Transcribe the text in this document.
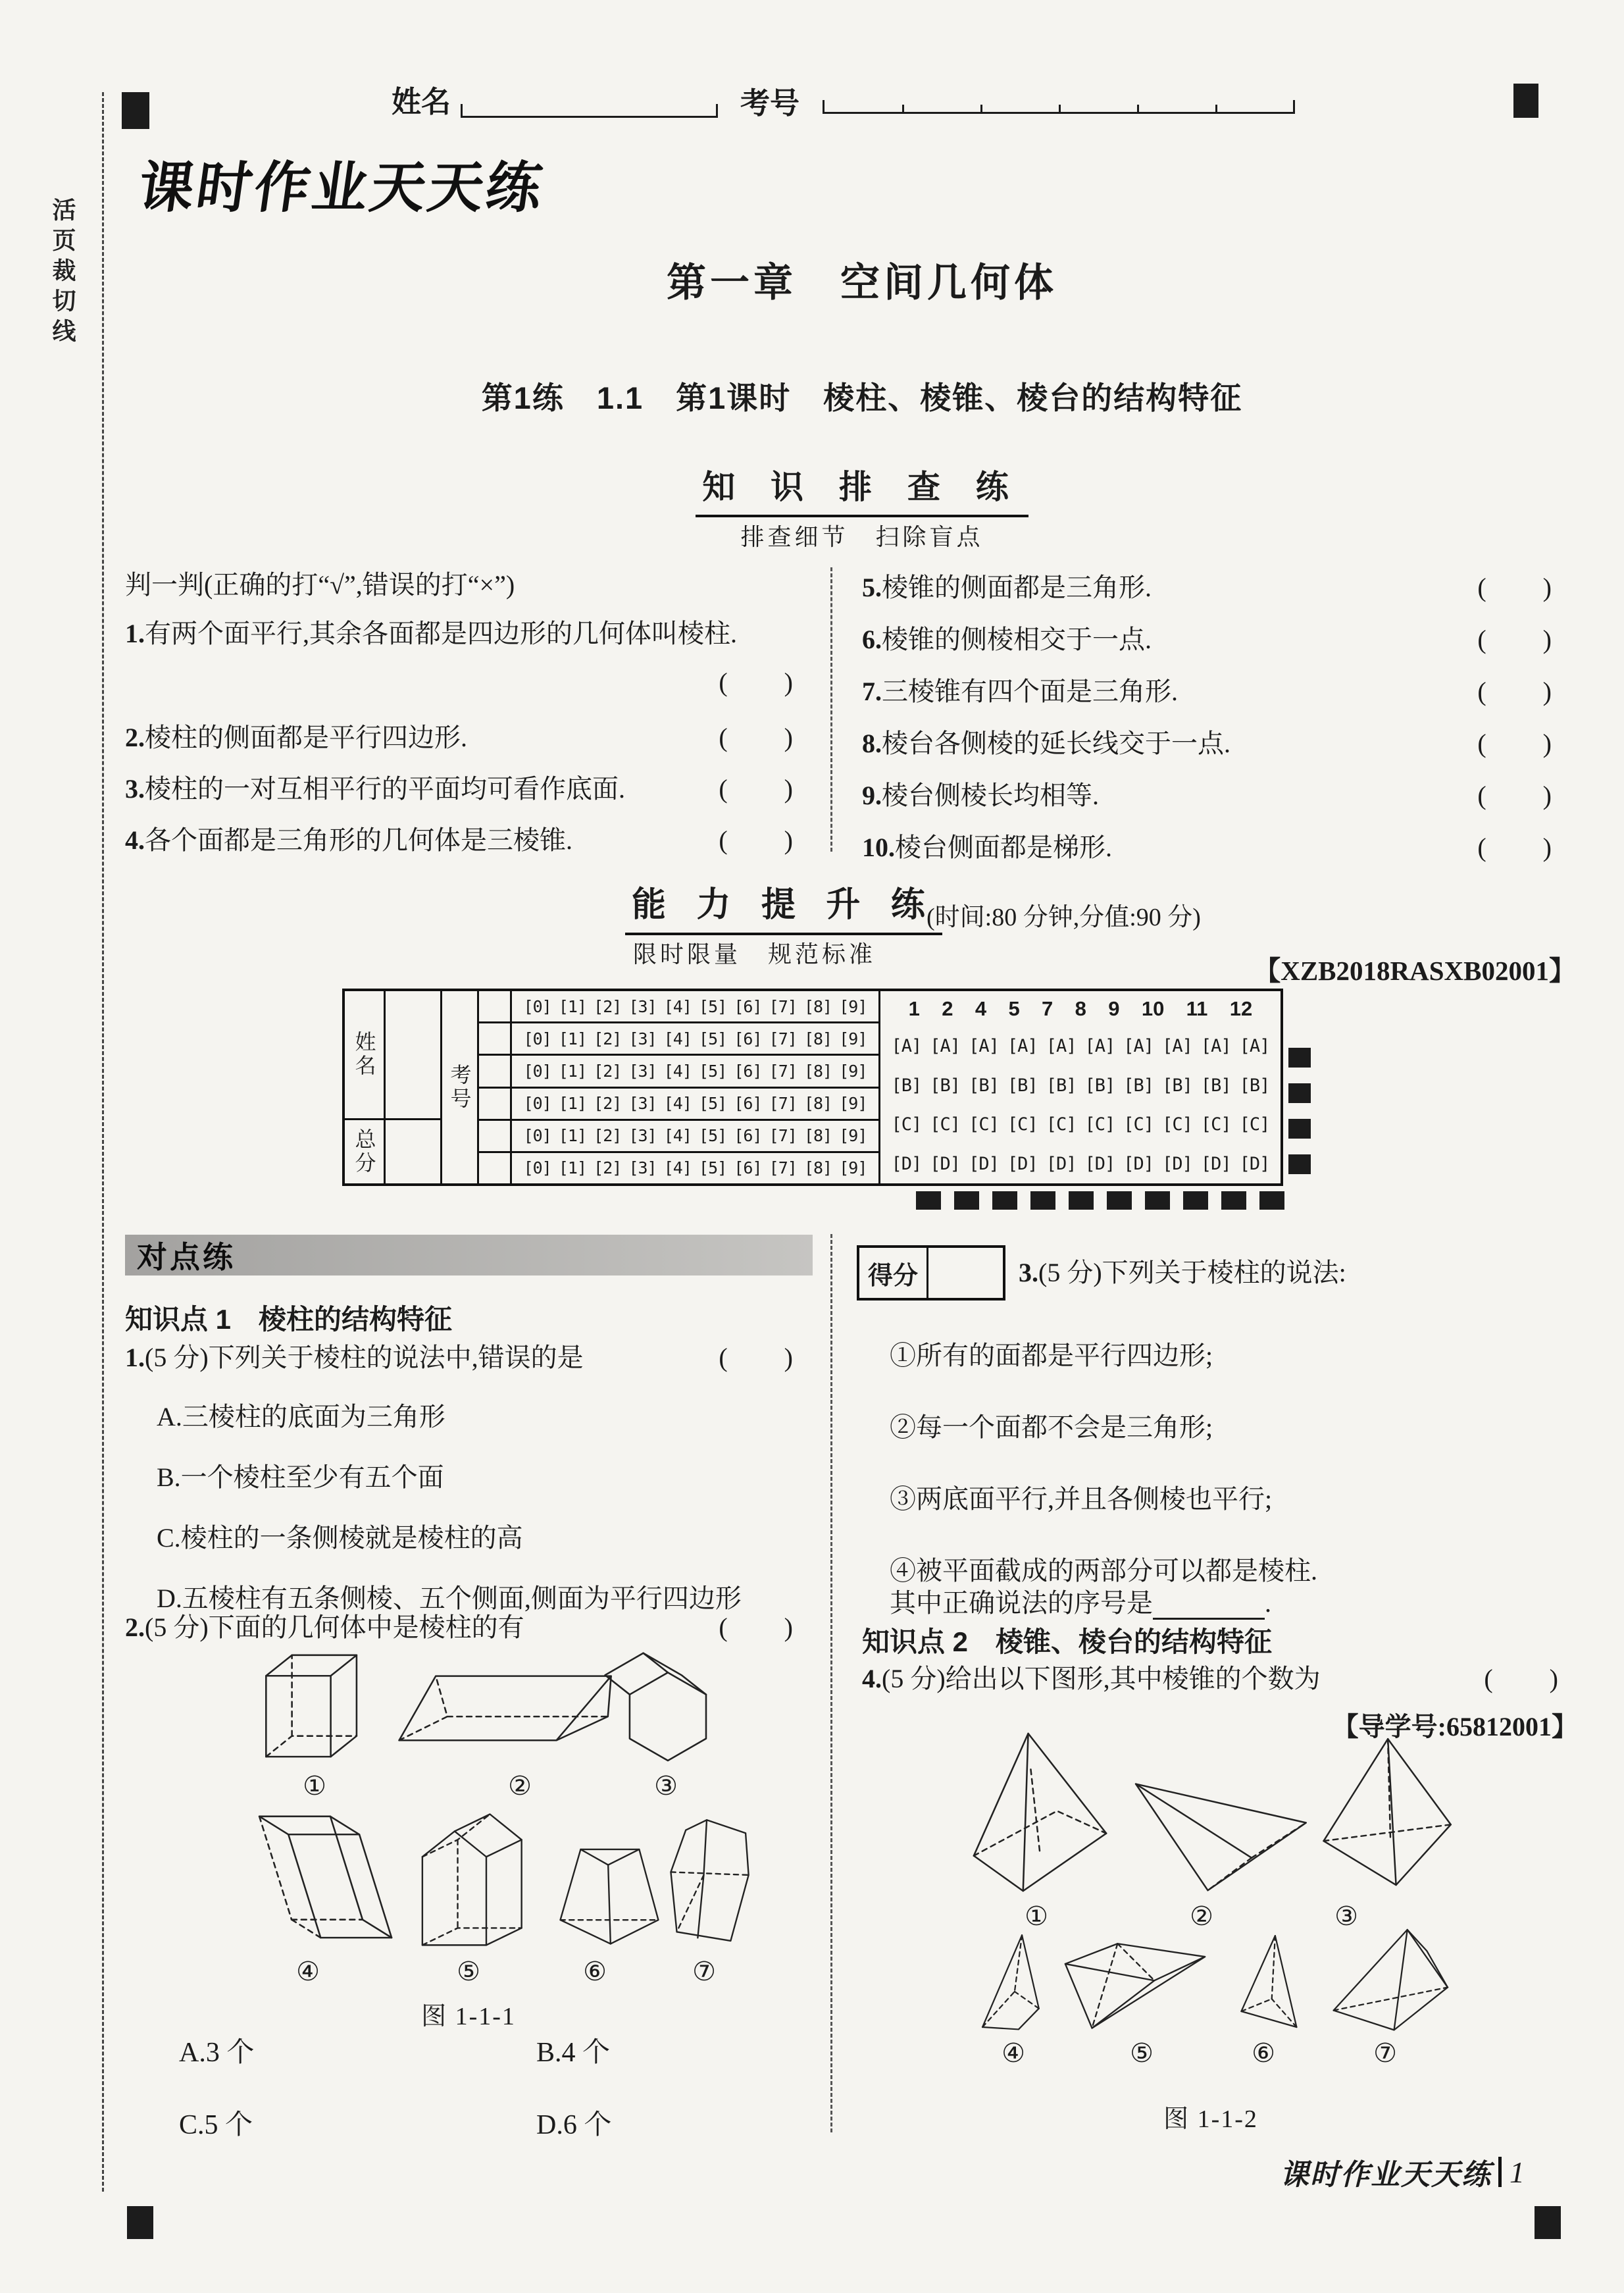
活页裁切线
姓名	考号
课时作业天天练
第一章　空间几何体
第1练　1.1　第1课时　棱柱、棱锥、棱台的结构特征
知 识 排 查 练
排查细节　扫除盲点
判一判(正确的打“√”,错误的打“×”)
1.有两个面平行,其余各面都是四边形的几何体叫棱柱.
(　　)
2.棱柱的侧面都是平行四边形.	(　　)
3.棱柱的一对互相平行的平面均可看作底面.	(　　)
4.各个面都是三角形的几何体是三棱锥.	(　　)
5.棱锥的侧面都是三角形.	(　　)
6.棱锥的侧棱相交于一点.	(　　)
7.三棱锥有四个面是三角形.	(　　)
8.棱台各侧棱的延长线交于一点.	(　　)
9.棱台侧棱长均相等.	(　　)
10.棱台侧面都是梯形.	(　　)
能 力 提 升 练
(时间:80 分钟,分值:90 分)
限时限量　规范标准
【XZB2018RASXB02001】
姓名
总分
考号
[0] [1] [2] [3] [4] [5] [6] [7] [8] [9]
[0] [1] [2] [3] [4] [5] [6] [7] [8] [9]
[0] [1] [2] [3] [4] [5] [6] [7] [8] [9]
[0] [1] [2] [3] [4] [5] [6] [7] [8] [9]
[0] [1] [2] [3] [4] [5] [6] [7] [8] [9]
[0] [1] [2] [3] [4] [5] [6] [7] [8] [9]
1 2 4 5 7 8 9 10 11 12
[A] [A] [A] [A] [A] [A] [A] [A] [A] [A]
[B] [B] [B] [B] [B] [B] [B] [B] [B] [B]
[C] [C] [C] [C] [C] [C] [C] [C] [C] [C]
[D] [D] [D] [D] [D] [D] [D] [D] [D] [D]
对点练
知识点 1　棱柱的结构特征
1.(5 分)下列关于棱柱的说法中,错误的是	(　　)
A.三棱柱的底面为三角形
B.一个棱柱至少有五个面
C.棱柱的一条侧棱就是棱柱的高
D.五棱柱有五条侧棱、五个侧面,侧面为平行四边形
2.(5 分)下面的几何体中是棱柱的有	(　　)
①	②	③
④	⑤	⑥	⑦
图 1-1-1
A.3 个	B.4 个
C.5 个	D.6 个
得分	3.(5 分)下列关于棱柱的说法:
①所有的面都是平行四边形;
②每一个面都不会是三角形;
③两底面平行,并且各侧棱也平行;
④被平面截成的两部分可以都是棱柱.
其中正确说法的序号是	.
知识点 2　棱锥、棱台的结构特征
4.(5 分)给出以下图形,其中棱锥的个数为	(　　)
【导学号:65812001】
①	②	③
④	⑤	⑥	⑦
图 1-1-2
课时作业天天练 1
